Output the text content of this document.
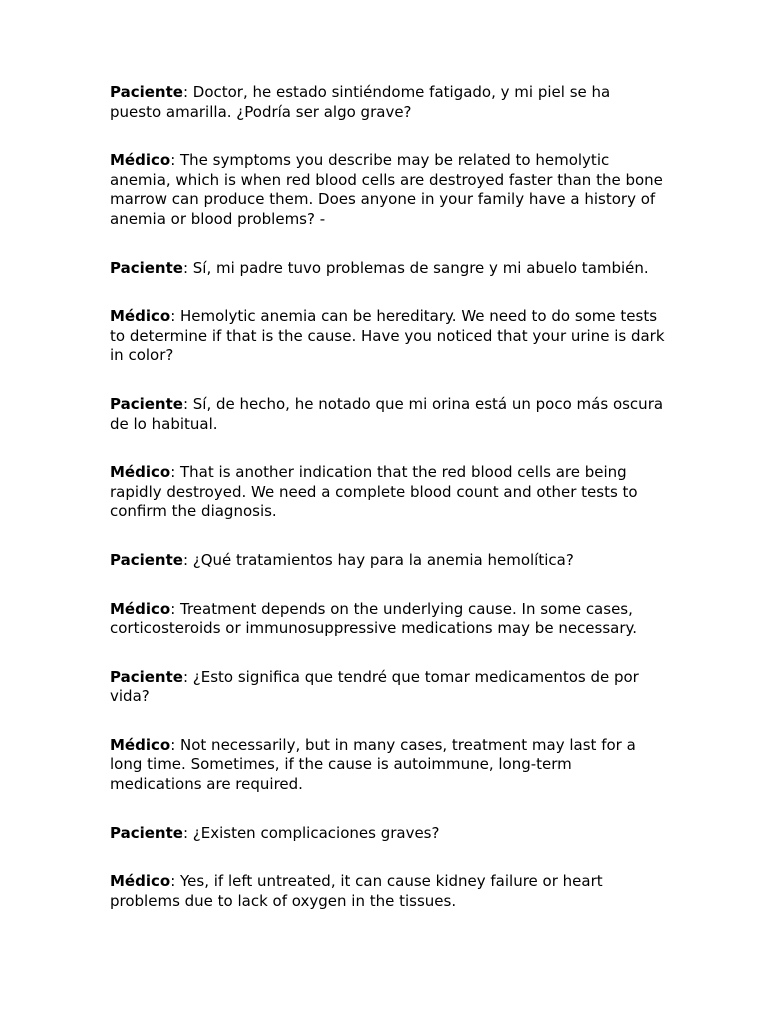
Paciente: Doctor, he estado sintiéndome fatigado, y mi piel se ha puesto amarilla. ¿Podría ser algo grave?

Médico: The symptoms you describe may be related to hemolytic anemia, which is when red blood cells are destroyed faster than the bone marrow can produce them. Does anyone in your family have a history of anemia or blood problems? -

Paciente: Sí, mi padre tuvo problemas de sangre y mi abuelo también.

Médico: Hemolytic anemia can be hereditary. We need to do some tests to determine if that is the cause. Have you noticed that your urine is dark in color?

Paciente: Sí, de hecho, he notado que mi orina está un poco más oscura de lo habitual.

Médico: That is another indication that the red blood cells are being rapidly destroyed. We need a complete blood count and other tests to confirm the diagnosis.

Paciente: ¿Qué tratamientos hay para la anemia hemolítica?

Médico: Treatment depends on the underlying cause. In some cases, corticosteroids or immunosuppressive medications may be necessary.

Paciente: ¿Esto significa que tendré que tomar medicamentos de por vida?

Médico: Not necessarily, but in many cases, treatment may last for a long time. Sometimes, if the cause is autoimmune, long-term medications are required.

Paciente: ¿Existen complicaciones graves?

Médico: Yes, if left untreated, it can cause kidney failure or heart problems due to lack of oxygen in the tissues.
